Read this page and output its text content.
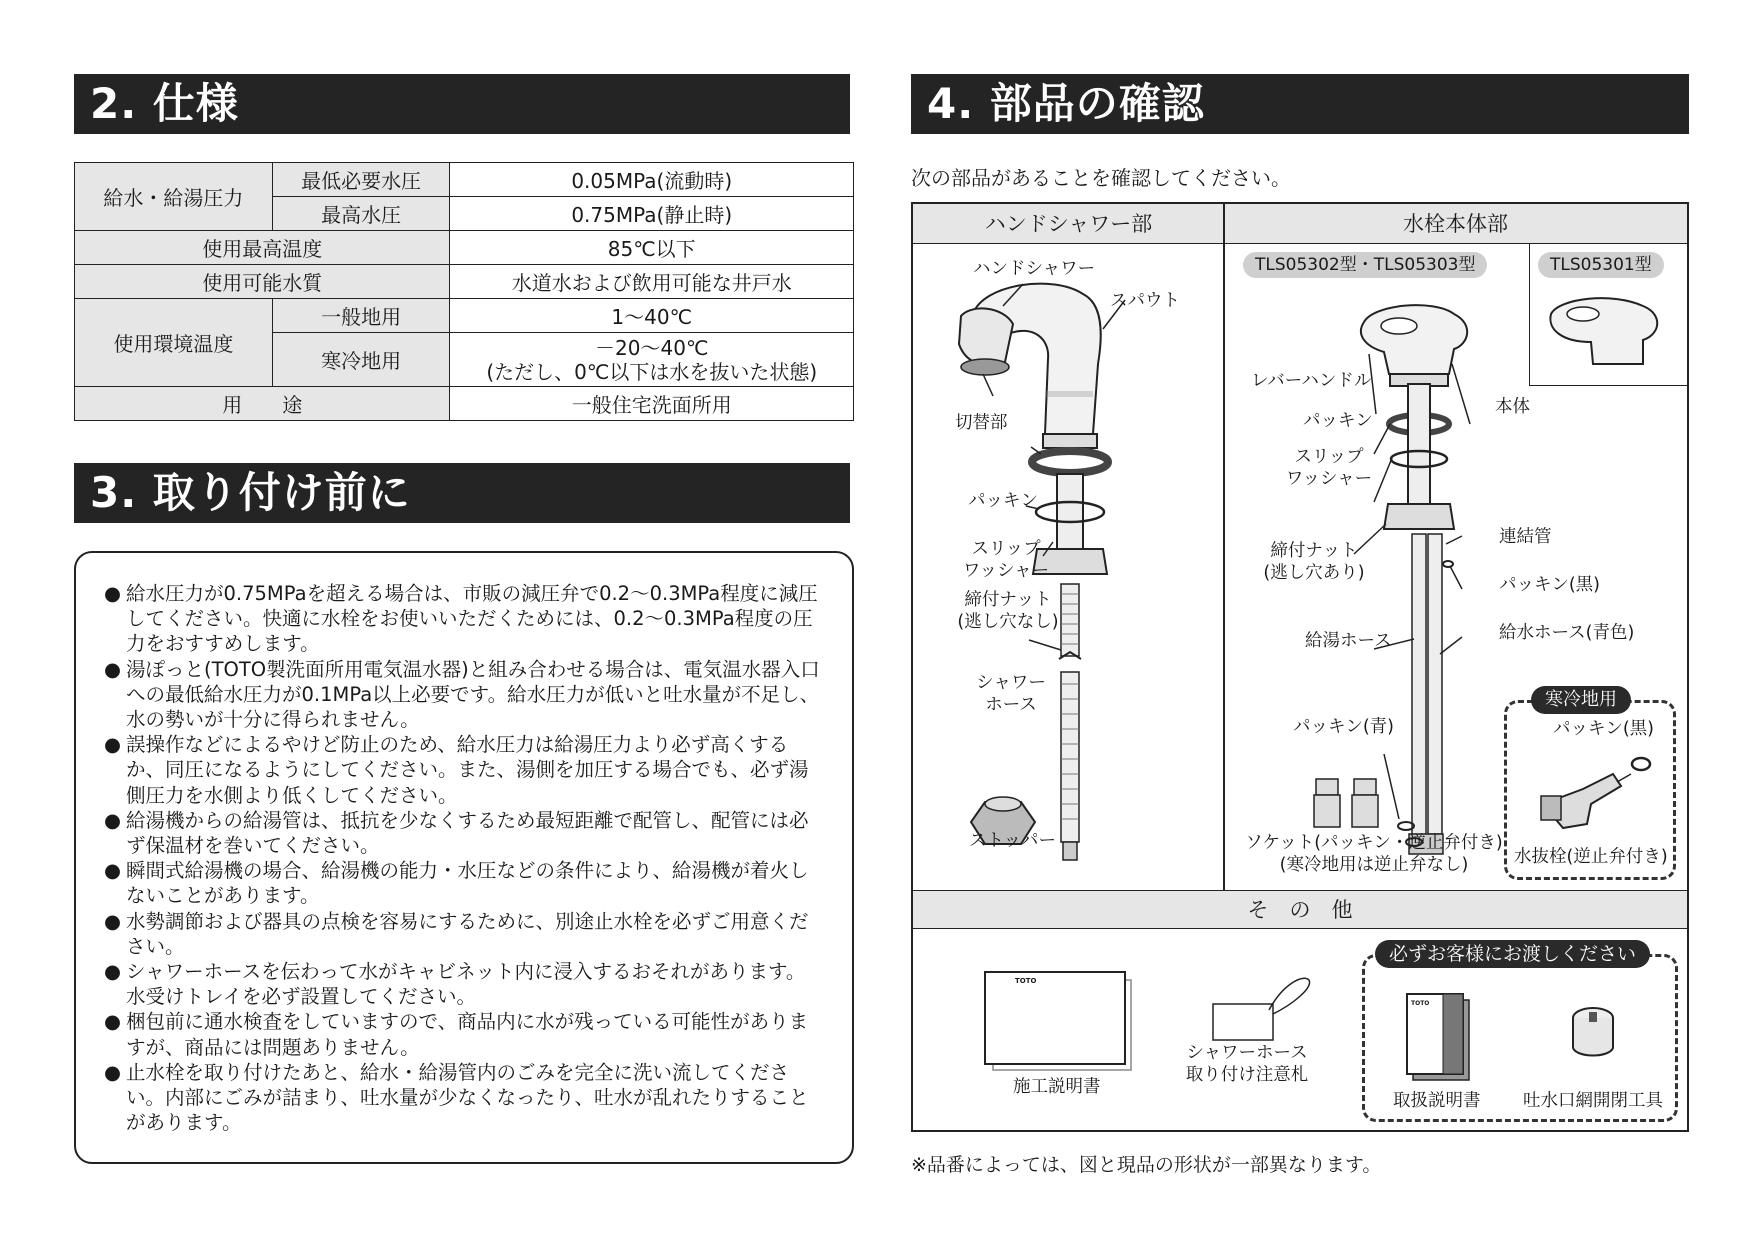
2. 仕様
3. 取り付け前に
4. 部品の確認
給水・給湯圧力	最低必要水圧	0.05MPa(流動時)
	最高水圧	0.75MPa(静止時)
使用最高温度		85℃以下
使用可能水質		水道水および飲用可能な井戸水
使用環境温度	一般地用	1～40℃
	寒冷地用	－20～40℃
(ただし、0℃以下は水を抜いた状態)

用　　途		一般住宅洗面所用
● 給水圧力が0.75MPaを超える場合は、市販の減圧弁で0.2～0.3MPa程度に減圧してください。快適に水栓をお使いいただくためには、0.2～0.3MPa程度の圧力をおすすめします。
● 湯ぽっと(TOTO製洗面所用電気温水器)と組み合わせる場合は、電気温水器入口への最低給水圧力が0.1MPa以上必要です。給水圧力が低いと吐水量が不足し、水の勢いが十分に得られません。
● 誤操作などによるやけど防止のため、給水圧力は給湯圧力より必ず高くするか、同圧になるようにしてください。また、湯側を加圧する場合でも、必ず湯側圧力を水側より低くしてください。
● 給湯機からの給湯管は、抵抗を少なくするため最短距離で配管し、配管には必ず保温材を巻いてください。
● 瞬間式給湯機の場合、給湯機の能力・水圧などの条件により、給湯機が着火しないことがあります。
● 水勢調節および器具の点検を容易にするために、別途止水栓を必ずご用意ください。
● シャワーホースを伝わって水がキャビネット内に浸入するおそれがあります。水受けトレイを必ず設置してください。
● 梱包前に通水検査をしていますので、商品内に水が残っている可能性がありますが、商品には問題ありません。
● 止水栓を取り付けたあと、給水・給湯管内のごみを完全に洗い流してください。内部にごみが詰まり、吐水量が少なくなったり、吐水が乱れたりすることがあります。
次の部品があることを確認してください。
ハンドシャワー部	水栓本体部
そ　の　他
TLS05302型・TLS05303型	TLS05301型
ハンドシャワー
スパウト
切替部
パッキン
スリップ
ワッシャー
締付ナット
(逃し穴なし)
シャワー
ホース
ストッパー
レバーハンドル
本体
パッキン
スリップ
ワッシャー
締付ナット
(逃し穴あり)
連結管
パッキン(黒)
給湯ホース	給水ホース(青色)
パッキン(青)
ソケット(パッキン・逆止弁付き)
(寒冷地用は逆止弁なし)
寒冷地用
パッキン(黒)
水抜栓(逆止弁付き)
TOTO
施工説明書
シャワーホース
取り付け注意札
必ずお客様にお渡しください
TOTO
取扱説明書 吐水口網開閉工具
※品番によっては、図と現品の形状が一部異なります。
